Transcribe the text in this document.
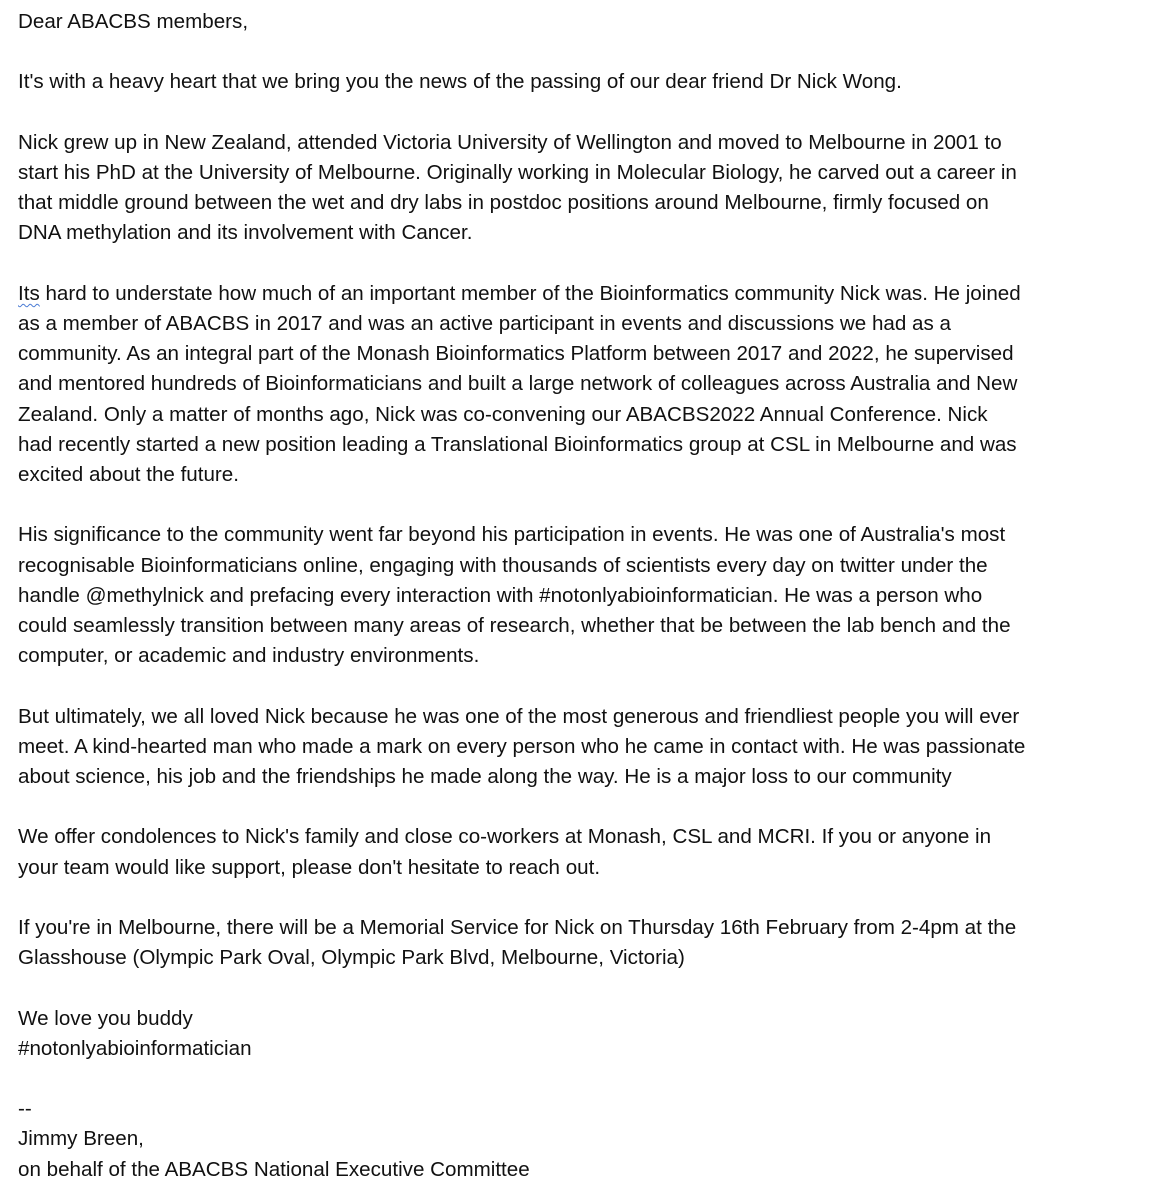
Dear ABACBS members,

It's with a heavy heart that we bring you the news of the passing of our dear friend Dr Nick Wong.

Nick grew up in New Zealand, attended Victoria University of Wellington and moved to Melbourne in 2001 to

start his PhD at the University of Melbourne. Originally working in Molecular Biology, he carved out a career in

that middle ground between the wet and dry labs in postdoc positions around Melbourne, firmly focused on

DNA methylation and its involvement with Cancer.

Its hard to understate how much of an important member of the Bioinformatics community Nick was. He joined

as a member of ABACBS in 2017 and was an active participant in events and discussions we had as a

community. As an integral part of the Monash Bioinformatics Platform between 2017 and 2022, he supervised

and mentored hundreds of Bioinformaticians and built a large network of colleagues across Australia and New

Zealand. Only a matter of months ago, Nick was co-convening our ABACBS2022 Annual Conference. Nick

had recently started a new position leading a Translational Bioinformatics group at CSL in Melbourne and was

excited about the future.

His significance to the community went far beyond his participation in events. He was one of Australia's most

recognisable Bioinformaticians online, engaging with thousands of scientists every day on twitter under the

handle @methylnick and prefacing every interaction with #notonlyabioinformatician. He was a person who

could seamlessly transition between many areas of research, whether that be between the lab bench and the

computer, or academic and industry environments.

But ultimately, we all loved Nick because he was one of the most generous and friendliest people you will ever

meet. A kind-hearted man who made a mark on every person who he came in contact with. He was passionate

about science, his job and the friendships he made along the way. He is a major loss to our community

We offer condolences to Nick's family and close co-workers at Monash, CSL and MCRI. If you or anyone in

your team would like support, please don't hesitate to reach out.

If you're in Melbourne, there will be a Memorial Service for Nick on Thursday 16th February from 2-4pm at the

Glasshouse (Olympic Park Oval, Olympic Park Blvd, Melbourne, Victoria)

We love you buddy

#notonlyabioinformatician

--

Jimmy Breen,

on behalf of the ABACBS National Executive Committee
